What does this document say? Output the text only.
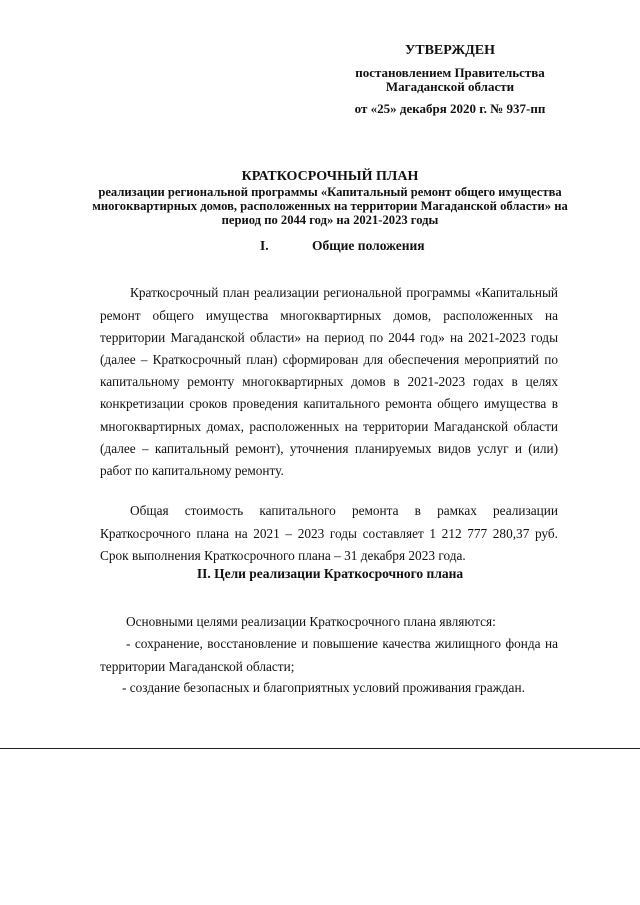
УТВЕРЖДЕН
постановлением Правительства
Магаданской области
от «25» декабря 2020 г. № 937-пп
КРАТКОСРОЧНЫЙ ПЛАН
реализации региональной программы «Капитальный ремонт общего имущества многоквартирных домов, расположенных на территории Магаданской области» на период по 2044 год» на 2021-2023 годы
I.	Общие положения

Краткосрочный план реализации региональной программы «Капитальный ремонт общего имущества многоквартирных домов, расположенных на территории Магаданской области» на период по 2044 год» на 2021-2023 годы (далее – Краткосрочный план) сформирован для обеспечения мероприятий по капитальному ремонту многоквартирных домов в 2021-2023 годах в целях конкретизации сроков проведения капитального ремонта общего имущества в многоквартирных домах, расположенных на территории Магаданской области (далее – капитальный ремонт), уточнения планируемых видов услуг и (или) работ по капитальному ремонту.

Общая стоимость капитального ремонта в рамках реализации Краткосрочного плана на 2021 – 2023 годы составляет 1 212 777 280,37 руб. Срок выполнения Краткосрочного плана – 31 декабря 2023 года.

II. Цели реализации Краткосрочного плана

Основными целями реализации Краткосрочного плана являются:

- сохранение, восстановление и повышение качества жилищного фонда на территории Магаданской области;

- создание безопасных и благоприятных условий проживания граждан.
